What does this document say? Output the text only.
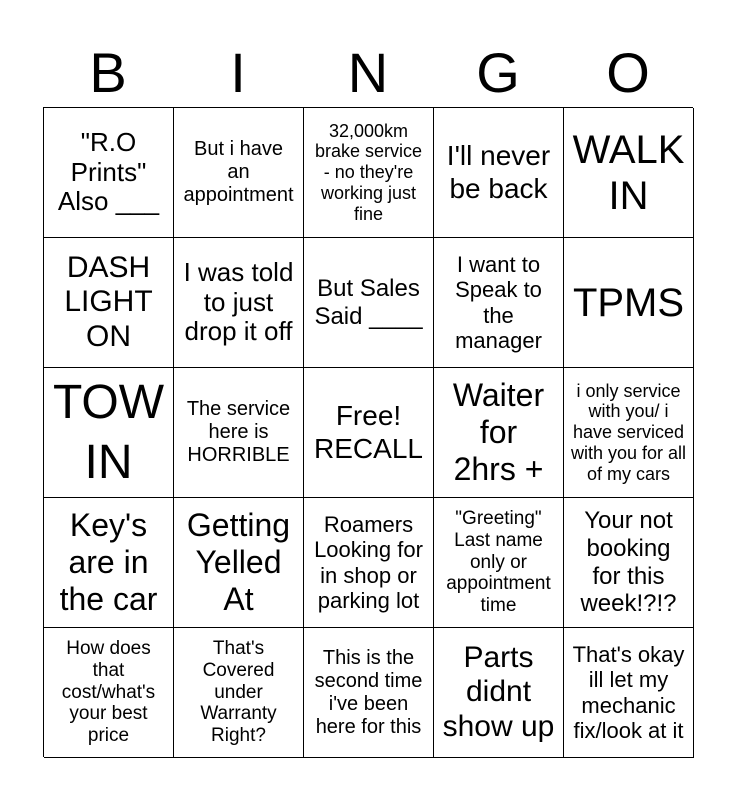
B	I	N	G	O
"R.O
Prints"
Also ___
But i have
an
appointment
32,000km
brake service
- no they're
working just
fine
I'll never
be back
WALK
IN
DASH
LIGHT
ON
I was told
to just
drop it off
But Sales
Said ____
I want to
Speak to
the
manager
TPMS
TOW
IN
The service
here is
HORRIBLE
Free!
RECALL
Waiter
for
2hrs +
i only service
with you/ i
have serviced
with you for all
of my cars
Key's
are in
the car
Getting
Yelled
At
Roamers
Looking for
in shop or
parking lot
"Greeting"
Last name
only or
appointment
time
Your not
booking
for this
week!?!?
How does
that
cost/what's
your best
price
That's
Covered
under
Warranty
Right?
This is the
second time
i've been
here for this
Parts
didnt
show up
That's okay
ill let my
mechanic
fix/look at it
